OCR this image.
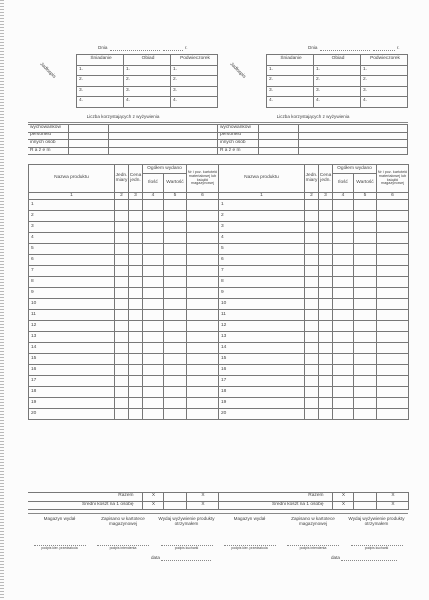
Dnia	r.
Jadłospis
Śniadanie	Obiad	Podwieczorek
1.	1.	1.
2.	2.	2.
3.	3.	3.
4.	4.	4.
Liczba korzystających z wyżywienia
wychowanków		
personelu		
innych osób		
R a z e m		
Nazwa produktu	Jedn. miary	Cena jedn.	Ogółem wydano		Nr i poz. kartoteki materiałowej lub książki magazynowej
			Ilość	Wartość	
1	2	3	4	5	6
1					
2					
3					
4					
5					
6					
7					
8					
9					
10					
11					
12					
13					
14					
15					
16					
17					
18					
19					
20					
Razem	X		X
Średni koszt na 1 osobę	X		X
Magazyn wydał	Zapisano w kartotece magazynowej
Wydaj wyżywienie produkty otrzymałem
podpis kier. przedszkola	podpis intendenta	podpis kucharki
data
Dnia	r.
Jadłospis
Śniadanie	Obiad	Podwieczorek
1.	1.	1.
2.	2.	2.
3.	3.	3.
4.	4.	4.
Liczba korzystających z wyżywienia
wychowanków		
personelu		
innych osób		
R a z e m		
Nazwa produktu	Jedn. miary	Cena jedn.	Ogółem wydano		Nr i poz. kartoteki materiałowej lub książki magazynowej
			Ilość	Wartość	
1	2	3	4	5	6
1					
2					
3					
4					
5					
6					
7					
8					
9					
10					
11					
12					
13					
14					
15					
16					
17					
18					
19					
20					
Razem	X		X
Średni koszt na 1 osobę	X		X
Magazyn wydał	Zapisano w kartotece magazynowej
Wydaj wyżywienie produkty otrzymałem
podpis kier. przedszkola	podpis intendenta	podpis kucharki
data
